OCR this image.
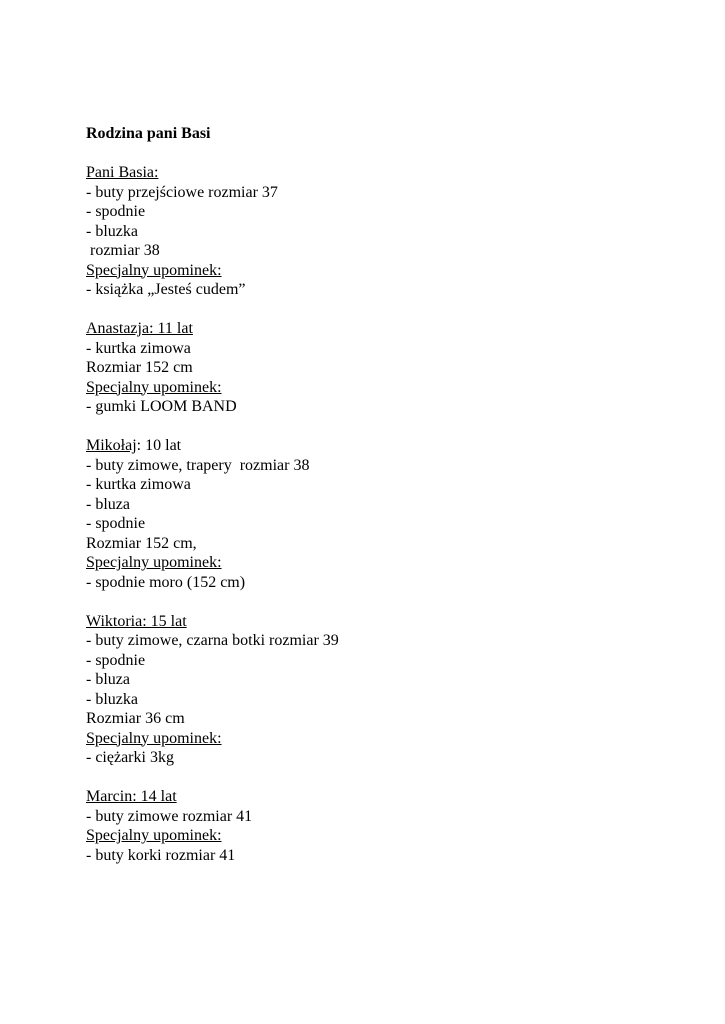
Rodzina pani Basi

Pani Basia:

- buty przejściowe rozmiar 37

- spodnie

- bluzka

rozmiar 38

Specjalny upominek:

- książka „Jesteś cudem”

Anastazja: 11 lat

- kurtka zimowa

Rozmiar 152 cm

Specjalny upominek:

- gumki LOOM BAND

Mikołaj: 10 lat

- buty zimowe, trapery  rozmiar 38

- kurtka zimowa

- bluza

- spodnie

Rozmiar 152 cm,

Specjalny upominek:

- spodnie moro (152 cm)

Wiktoria: 15 lat

- buty zimowe, czarna botki rozmiar 39

- spodnie

- bluza

- bluzka

Rozmiar 36 cm

Specjalny upominek:

- ciężarki 3kg

Marcin: 14 lat

- buty zimowe rozmiar 41

Specjalny upominek:

- buty korki rozmiar 41
